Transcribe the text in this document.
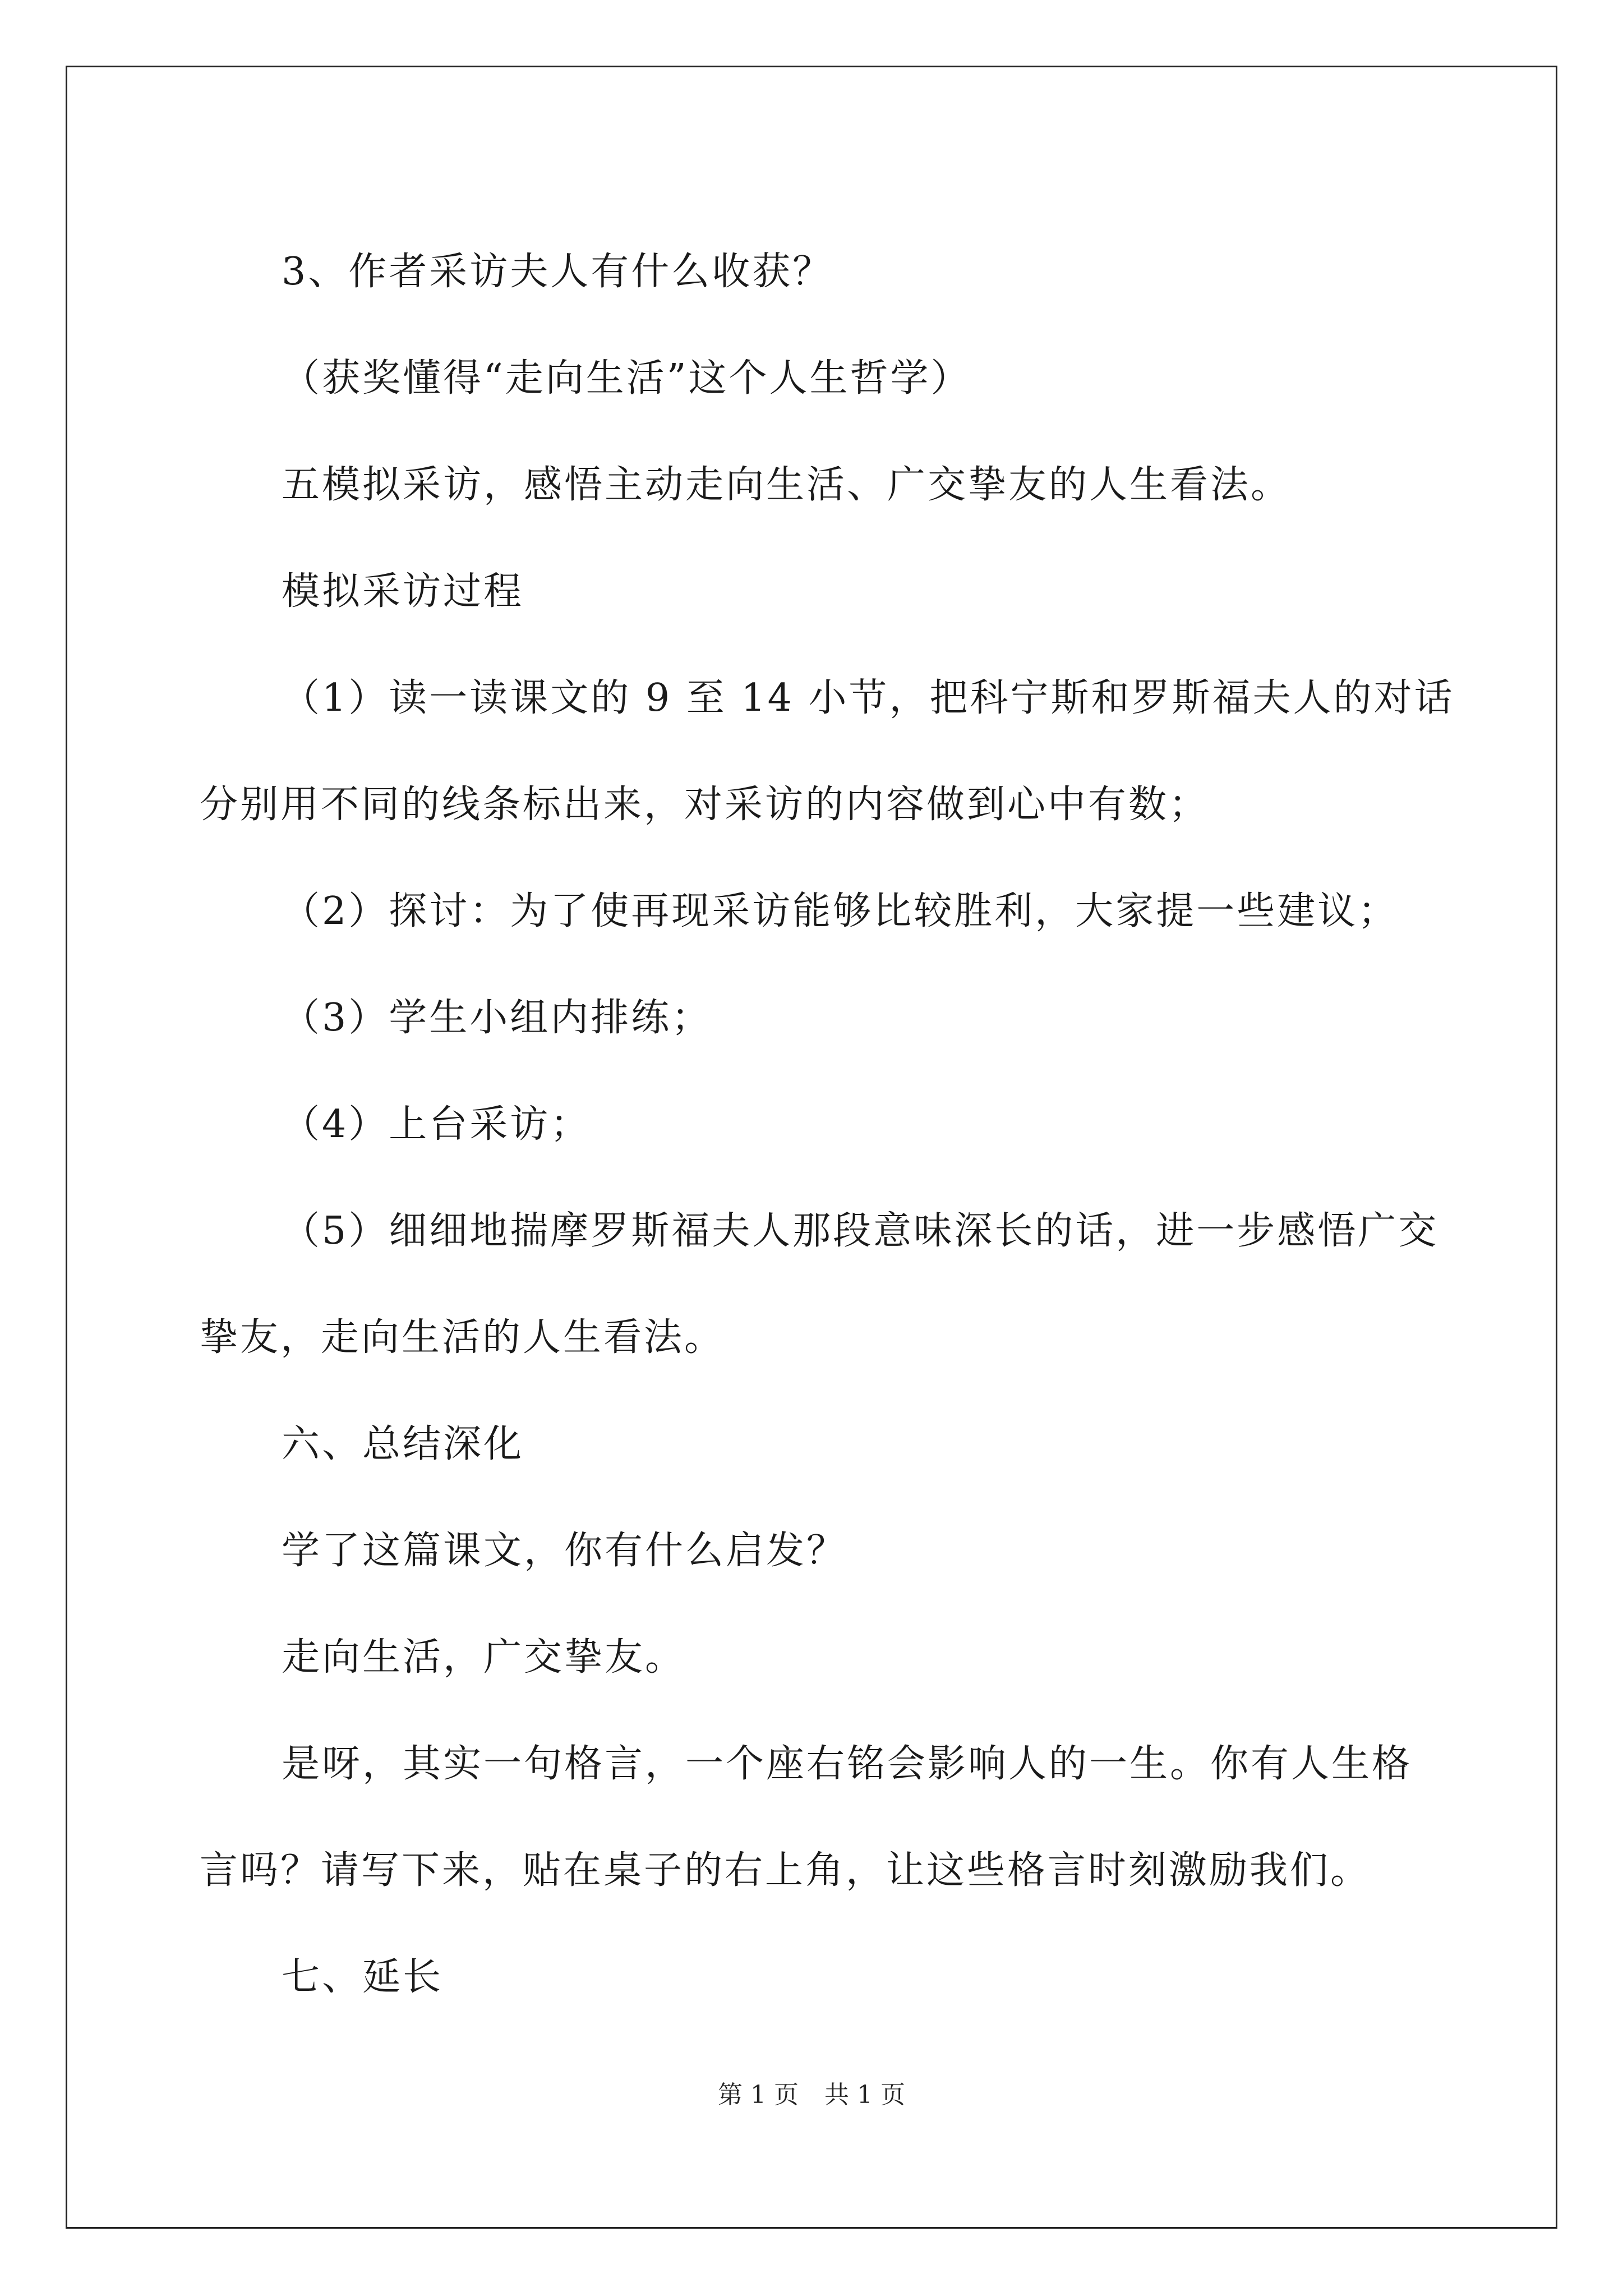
3、作者采访夫人有什么收获？

（获奖懂得“走向生活”这个人生哲学）

五模拟采访，感悟主动走向生活、广交挚友的人生看法。

模拟采访过程

（1）读一读课文的 9 至 14 小节，把科宁斯和罗斯福夫人的对话

分别用不同的线条标出来，对采访的内容做到心中有数；

（2）探讨：为了使再现采访能够比较胜利，大家提一些建议；

（3）学生小组内排练；

（4）上台采访；

（5）细细地揣摩罗斯福夫人那段意味深长的话，进一步感悟广交

挚友，走向生活的人生看法。

六、总结深化

学了这篇课文，你有什么启发？

走向生活，广交挚友。

是呀，其实一句格言，一个座右铭会影响人的一生。你有人生格

言吗？请写下来，贴在桌子的右上角，让这些格言时刻激励我们。

七、延长

第 1 页 共 1 页
